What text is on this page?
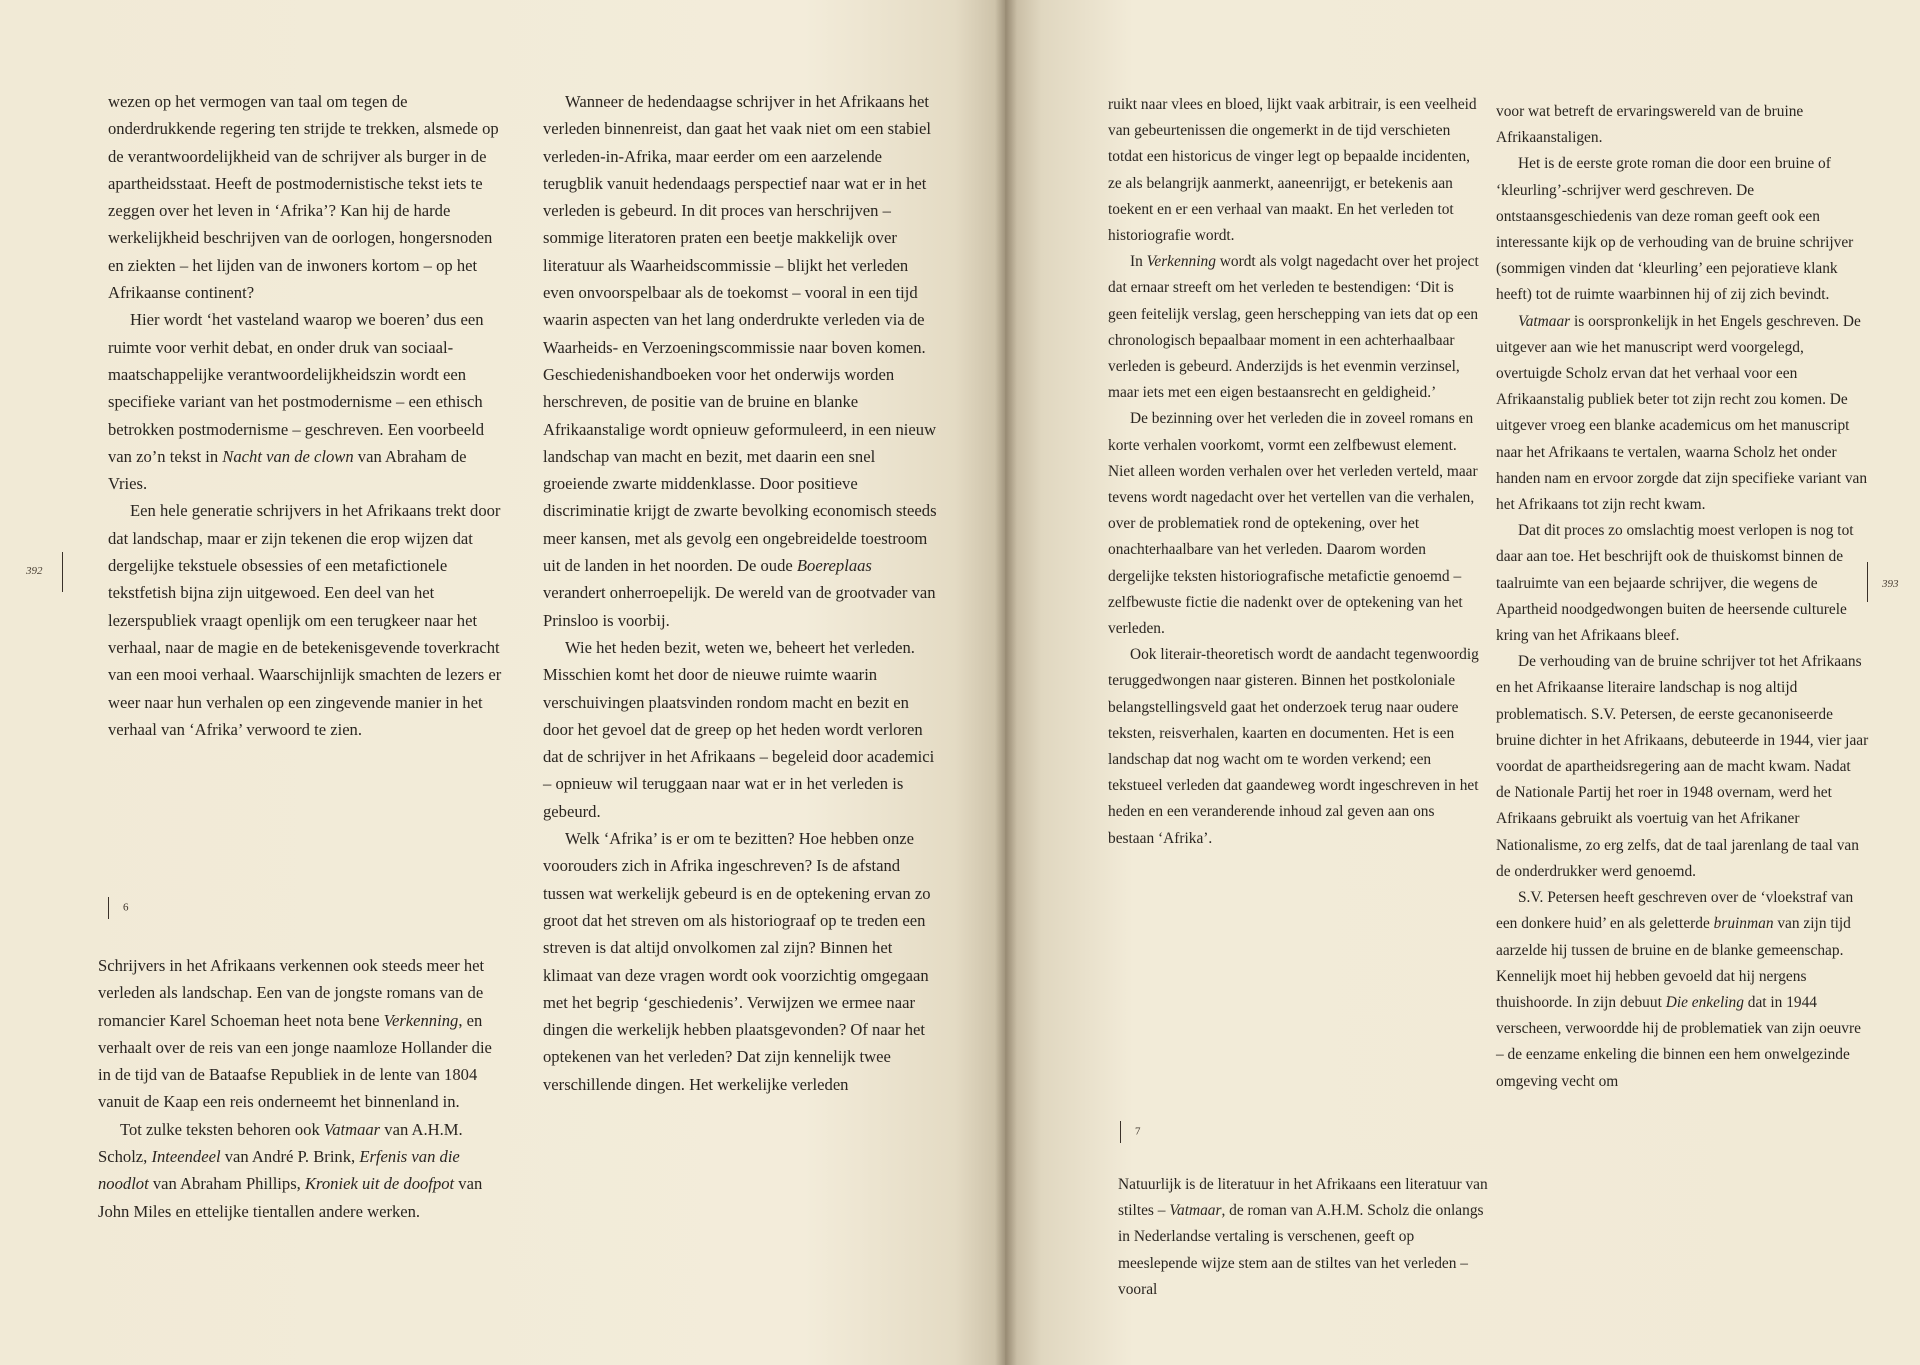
392

wezen op het vermogen van taal om tegen de onderdrukkende regering ten strijde te trekken, alsmede op de verantwoordelijkheid van de schrijver als burger in de apartheidsstaat. Heeft de postmodernistische tekst iets te zeggen over het leven in ‘Afrika’? Kan hij de harde werkelijkheid beschrijven van de oorlogen, hongersnoden en ziekten – het lijden van de inwoners kortom – op het Afrikaanse continent?

Hier wordt ‘het vasteland waarop we boeren’ dus een ruimte voor verhit debat, en onder druk van sociaal-maatschappelijke verantwoordelijkheidszin wordt een specifieke variant van het postmodernisme – een ethisch betrokken postmodernisme – geschreven. Een voorbeeld van zo’n tekst in Nacht van de clown van Abraham de Vries.

Een hele generatie schrijvers in het Afrikaans trekt door dat landschap, maar er zijn tekenen die erop wijzen dat dergelijke tekstuele obsessies of een metafictionele tekstfetish bijna zijn uitgewoed. Een deel van het lezerspubliek vraagt openlijk om een terugkeer naar het verhaal, naar de magie en de betekenisgevende toverkracht van een mooi verhaal. Waarschijnlijk smachten de lezers er weer naar hun verhalen op een zingevende manier in het verhaal van ‘Afrika’ verwoord te zien.

6

Schrijvers in het Afrikaans verkennen ook steeds meer het verleden als landschap. Een van de jongste romans van de romancier Karel Schoeman heet nota bene Verkenning, en verhaalt over de reis van een jonge naamloze Hollander die in de tijd van de Bataafse Republiek in de lente van 1804 vanuit de Kaap een reis onderneemt het binnenland in.

Tot zulke teksten behoren ook Vatmaar van A.H.M. Scholz, Inteendeel van André P. Brink, Erfenis van die noodlot van Abraham Phillips, Kroniek uit de doofpot van John Miles en ettelijke tientallen andere werken.

Wanneer de hedendaagse schrijver in het Afrikaans het verleden binnenreist, dan gaat het vaak niet om een stabiel verleden-in-Afrika, maar eerder om een aarzelende terugblik vanuit hedendaags perspectief naar wat er in het verleden is gebeurd. In dit proces van herschrijven – sommige literatoren praten een beetje makkelijk over literatuur als Waarheidscommissie – blijkt het verleden even onvoorspelbaar als de toekomst – vooral in een tijd waarin aspecten van het lang onderdrukte verleden via de Waarheids- en Verzoeningscommissie naar boven komen. Geschiedenishandboeken voor het onderwijs worden herschreven, de positie van de bruine en blanke Afrikaanstalige wordt opnieuw geformuleerd, in een nieuw landschap van macht en bezit, met daarin een snel groeiende zwarte middenklasse. Door positieve discriminatie krijgt de zwarte bevolking economisch steeds meer kansen, met als gevolg een ongebreidelde toestroom uit de landen in het noorden. De oude Boereplaas verandert onherroepelijk. De wereld van de grootvader van Prinsloo is voorbij.

Wie het heden bezit, weten we, beheert het verleden. Misschien komt het door de nieuwe ruimte waarin verschuivingen plaatsvinden rondom macht en bezit en door het gevoel dat de greep op het heden wordt verloren dat de schrijver in het Afrikaans – begeleid door academici – opnieuw wil teruggaan naar wat er in het verleden is gebeurd.

Welk ‘Afrika’ is er om te bezitten? Hoe hebben onze voorouders zich in Afrika ingeschreven? Is de afstand tussen wat werkelijk gebeurd is en de optekening ervan zo groot dat het streven om als historiograaf op te treden een streven is dat altijd onvolkomen zal zijn? Binnen het klimaat van deze vragen wordt ook voorzichtig omgegaan met het begrip ‘geschiedenis’. Verwijzen we ermee naar dingen die werkelijk hebben plaatsgevonden? Of naar het optekenen van het verleden? Dat zijn kennelijk twee verschillende dingen. Het werkelijke verleden

393

ruikt naar vlees en bloed, lijkt vaak arbitrair, is een veelheid van gebeurtenissen die ongemerkt in de tijd verschieten totdat een historicus de vinger legt op bepaalde incidenten, ze als belangrijk aanmerkt, aaneenrijgt, er betekenis aan toekent en er een verhaal van maakt. En het verleden tot historiografie wordt.

In Verkenning wordt als volgt nagedacht over het project dat ernaar streeft om het verleden te bestendigen: ‘Dit is geen feitelijk verslag, geen herschepping van iets dat op een chronologisch bepaalbaar moment in een achterhaalbaar verleden is gebeurd. Anderzijds is het evenmin verzinsel, maar iets met een eigen bestaansrecht en geldigheid.’

De bezinning over het verleden die in zoveel romans en korte verhalen voorkomt, vormt een zelfbewust element. Niet alleen worden verhalen over het verleden verteld, maar tevens wordt nagedacht over het vertellen van die verhalen, over de problematiek rond de optekening, over het onachterhaalbare van het verleden. Daarom worden dergelijke teksten historiografische metafictie genoemd – zelfbewuste fictie die nadenkt over de optekening van het verleden.

Ook literair-theoretisch wordt de aandacht tegenwoordig teruggedwongen naar gisteren. Binnen het postkoloniale belangstellingsveld gaat het onderzoek terug naar oudere teksten, reisverhalen, kaarten en documenten. Het is een landschap dat nog wacht om te worden verkend; een tekstueel verleden dat gaandeweg wordt ingeschreven in het heden en een veranderende inhoud zal geven aan ons bestaan ‘Afrika’.

7

Natuurlijk is de literatuur in het Afrikaans een literatuur van stiltes – Vatmaar, de roman van A.H.M. Scholz die onlangs in Nederlandse vertaling is verschenen, geeft op meeslepende wijze stem aan de stiltes van het verleden – vooral

voor wat betreft de ervaringswereld van de bruine Afrikaanstaligen.

Het is de eerste grote roman die door een bruine of ‘kleurling’-schrijver werd geschreven. De ontstaansgeschiedenis van deze roman geeft ook een interessante kijk op de verhouding van de bruine schrijver (sommigen vinden dat ‘kleurling’ een pejoratieve klank heeft) tot de ruimte waarbinnen hij of zij zich bevindt.

Vatmaar is oorspronkelijk in het Engels geschreven. De uitgever aan wie het manuscript werd voorgelegd, overtuigde Scholz ervan dat het verhaal voor een Afrikaanstalig publiek beter tot zijn recht zou komen. De uitgever vroeg een blanke academicus om het manuscript naar het Afrikaans te vertalen, waarna Scholz het onder handen nam en ervoor zorgde dat zijn specifieke variant van het Afrikaans tot zijn recht kwam.

Dat dit proces zo omslachtig moest verlopen is nog tot daar aan toe. Het beschrijft ook de thuiskomst binnen de taalruimte van een bejaarde schrijver, die wegens de Apartheid noodgedwongen buiten de heersende culturele kring van het Afrikaans bleef.

De verhouding van de bruine schrijver tot het Afrikaans en het Afrikaanse literaire landschap is nog altijd problematisch. S.V. Petersen, de eerste gecanoniseerde bruine dichter in het Afrikaans, debuteerde in 1944, vier jaar voordat de apartheidsregering aan de macht kwam. Nadat de Nationale Partij het roer in 1948 overnam, werd het Afrikaans gebruikt als voertuig van het Afrikaner Nationalisme, zo erg zelfs, dat de taal jarenlang de taal van de onderdrukker werd genoemd.

S.V. Petersen heeft geschreven over de ‘vloekstraf van een donkere huid’ en als geletterde bruinman van zijn tijd aarzelde hij tussen de bruine en de blanke gemeenschap. Kennelijk moet hij hebben gevoeld dat hij nergens thuishoorde. In zijn debuut Die enkeling dat in 1944 verscheen, verwoordde hij de problematiek van zijn oeuvre – de eenzame enkeling die binnen een hem onwelgezinde omgeving vecht om
